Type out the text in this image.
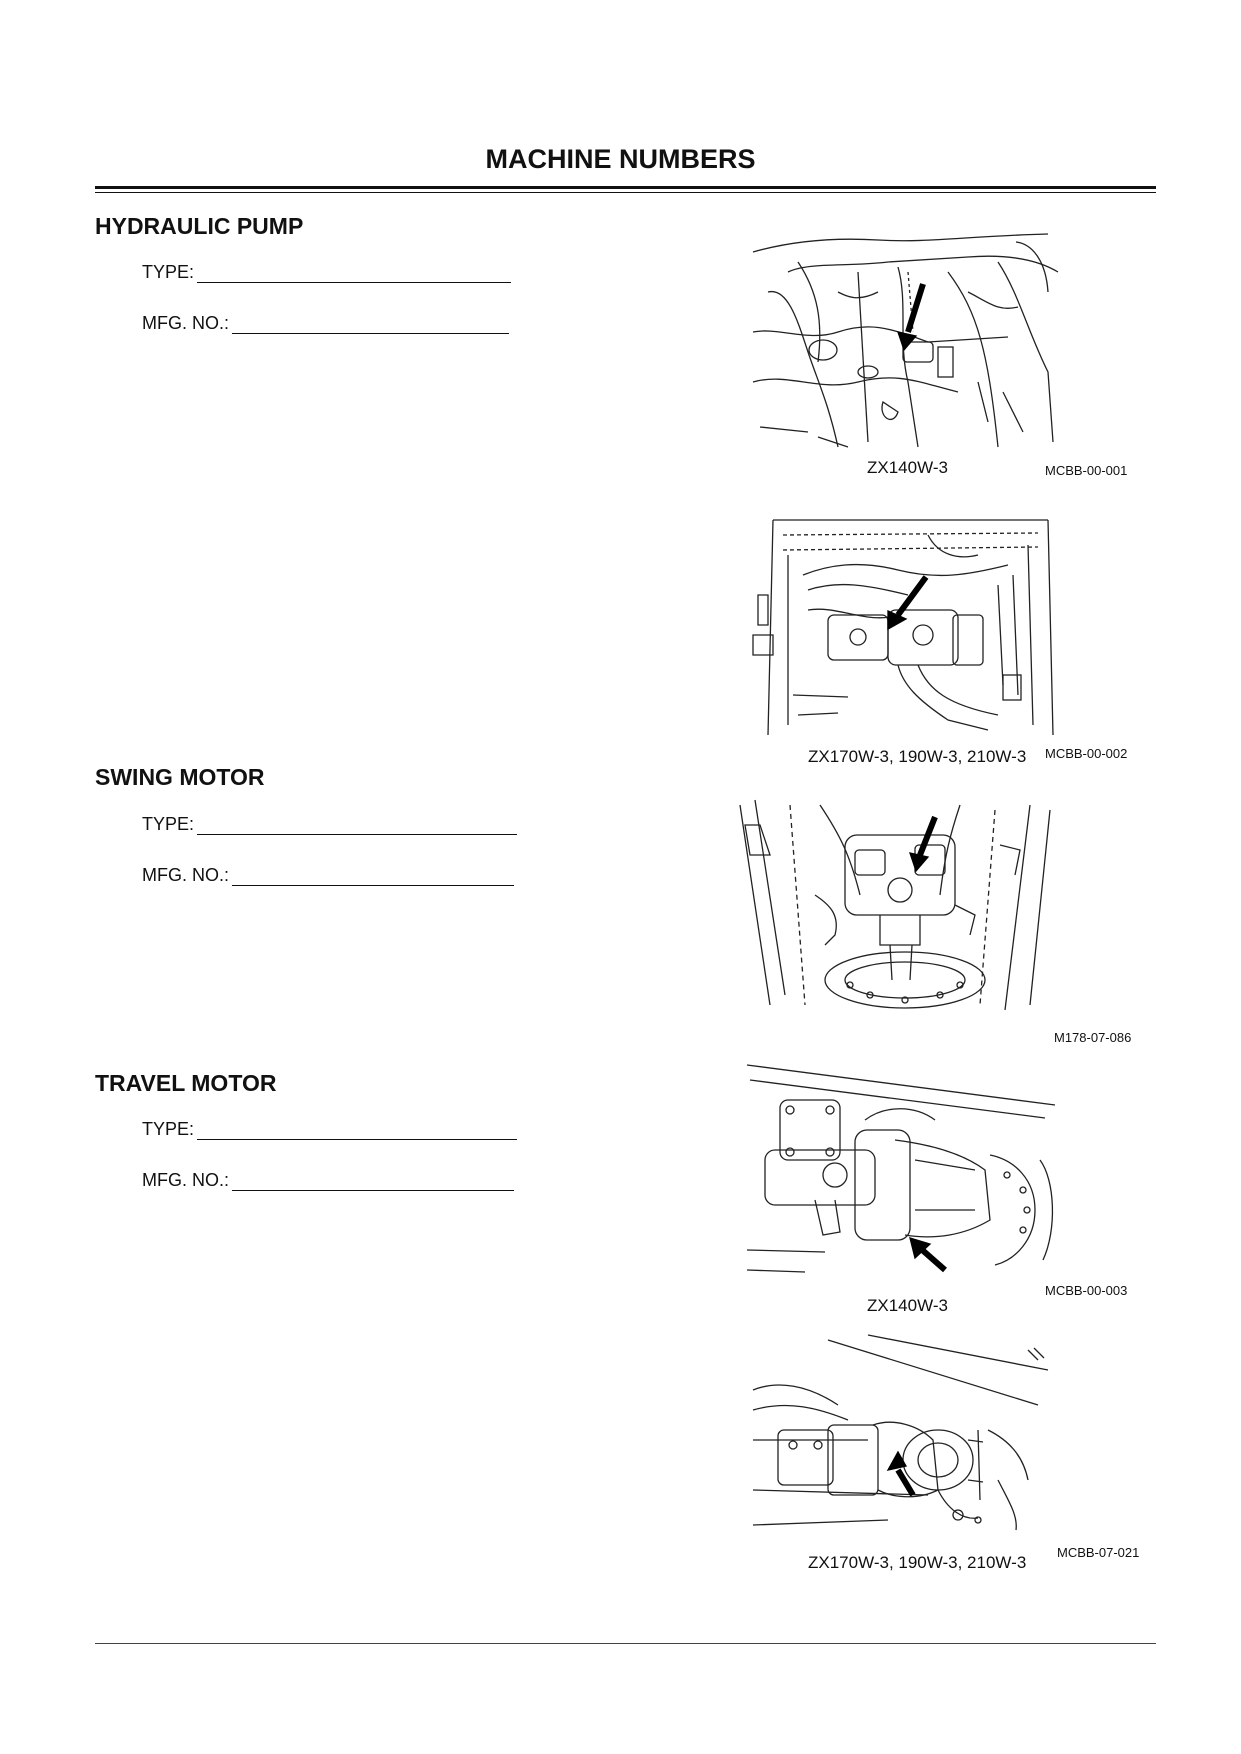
MACHINE NUMBERS
HYDRAULIC PUMP
TYPE:
MFG. NO.:
SWING MOTOR
TYPE:
MFG. NO.:
TRAVEL MOTOR
TYPE:
MFG. NO.:
ZX140W-3	MCBB-00-001
ZX170W-3, 190W-3, 210W-3 MCBB-00-002
M178-07-086
ZX140W-3
MCBB-00-003
ZX170W-3, 190W-3, 210W-3
MCBB-07-021
